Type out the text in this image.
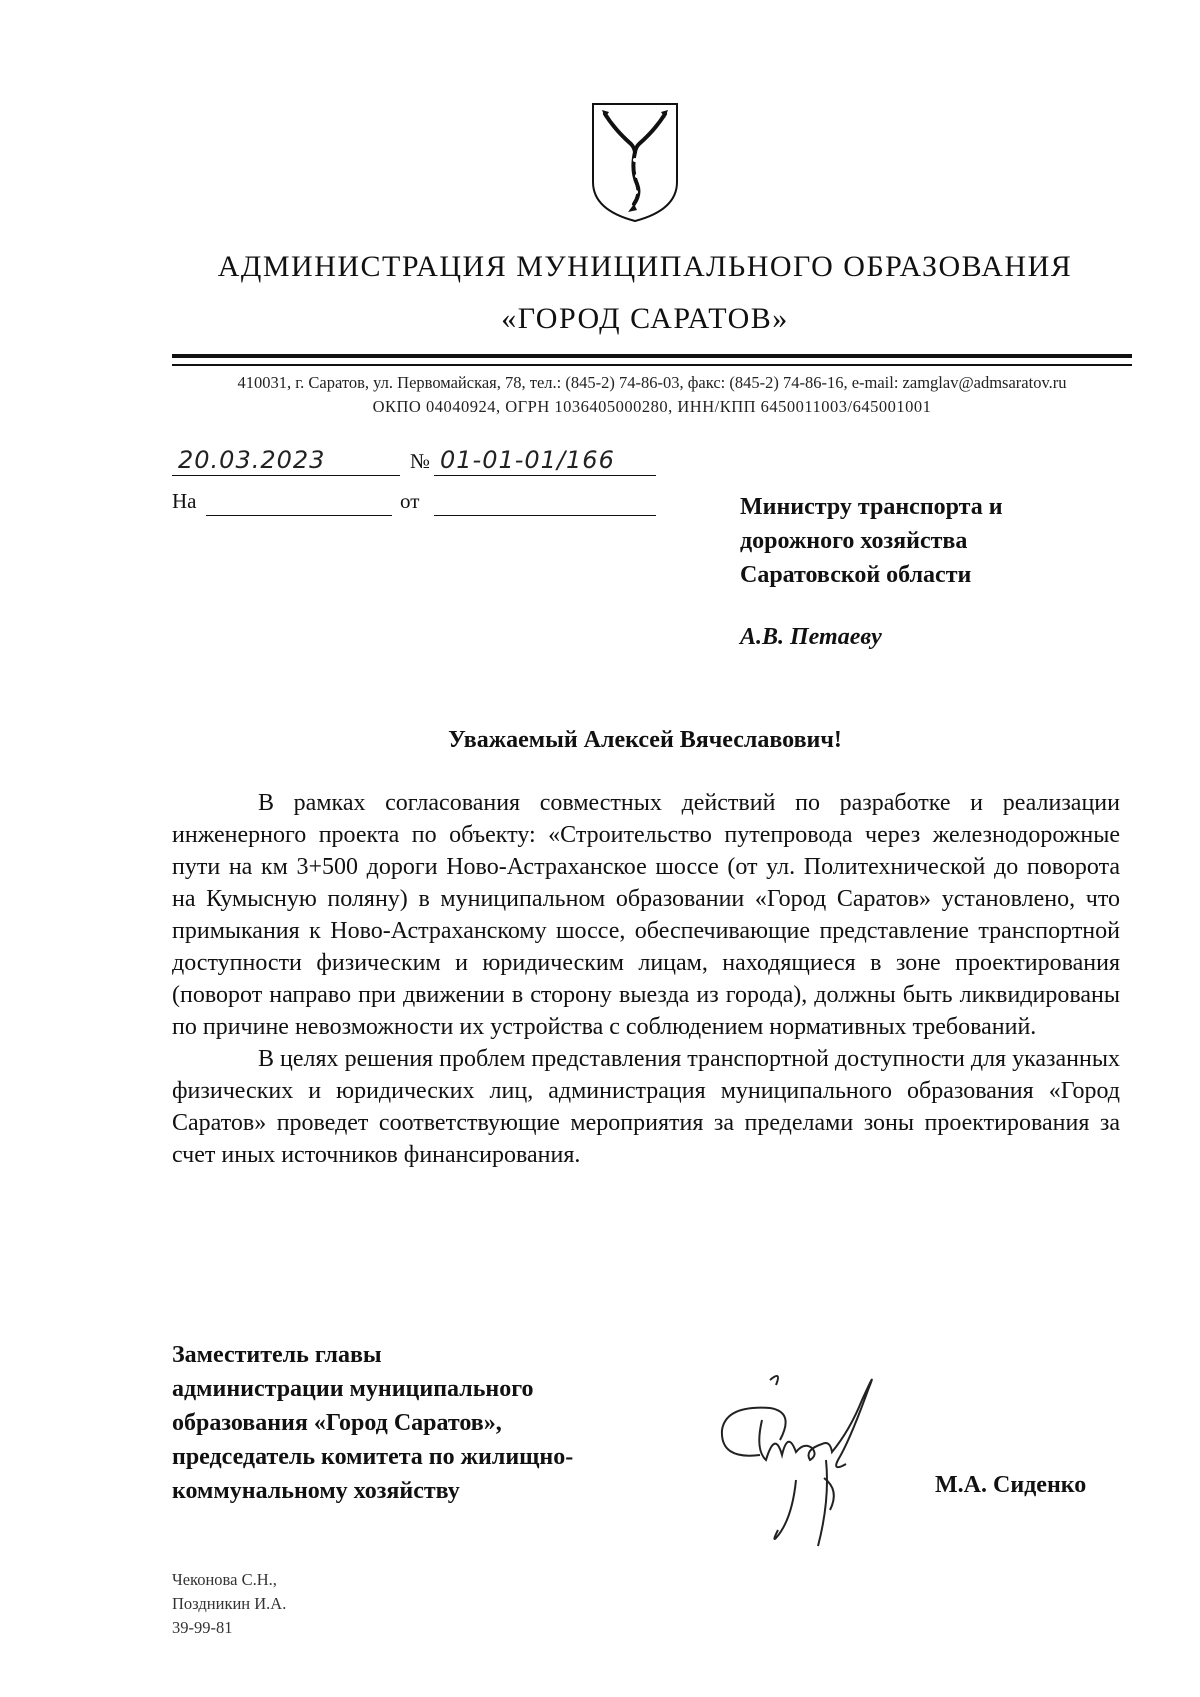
АДМИНИСТРАЦИЯ МУНИЦИПАЛЬНОГО ОБРАЗОВАНИЯ
«ГОРОД САРАТОВ»
410031, г. Саратов, ул. Первомайская, 78, тел.: (845-2) 74-86-03, факс: (845-2) 74-86-16, e-mail: zamglav@admsaratov.ru
ОКПО 04040924, ОГРН 1036405000280, ИНН/КПП 6450011003/645001001
20.03.2023	№ 01-01-01/166
На	от	Министру транспорта и
дорожного хозяйства
Саратовской области
А.В. Петаеву
Уважаемый Алексей Вячеславович!

В рамках согласования совместных действий по разработке и реализации инженерного проекта по объекту: «Строительство путепровода через железнодорожные пути на км 3+500 дороги Ново-Астраханское шоссе (от ул. Политехнической до поворота на Кумысную поляну) в муниципальном образовании «Город Саратов» установлено, что примыкания к Ново-Астраханскому шоссе, обеспечивающие представление транспортной доступности физическим и юридическим лицам, находящиеся в зоне проектирования (поворот направо при движении в сторону выезда из города), должны быть ликвидированы по причине невозможности их устройства с соблюдением нормативных требований.

В целях решения проблем представления транспортной доступности для указанных физических и юридических лиц, администрация муниципального образования «Город Саратов» проведет соответствующие мероприятия за пределами зоны проектирования за счет иных источников финансирования.

Заместитель главы
администрации муниципального
образования «Город Саратов»,
председатель комитета по жилищно-
коммунальному хозяйству	М.А. Сиденко
Чеконова С.Н.,
Поздникин И.А.
39-99-81
